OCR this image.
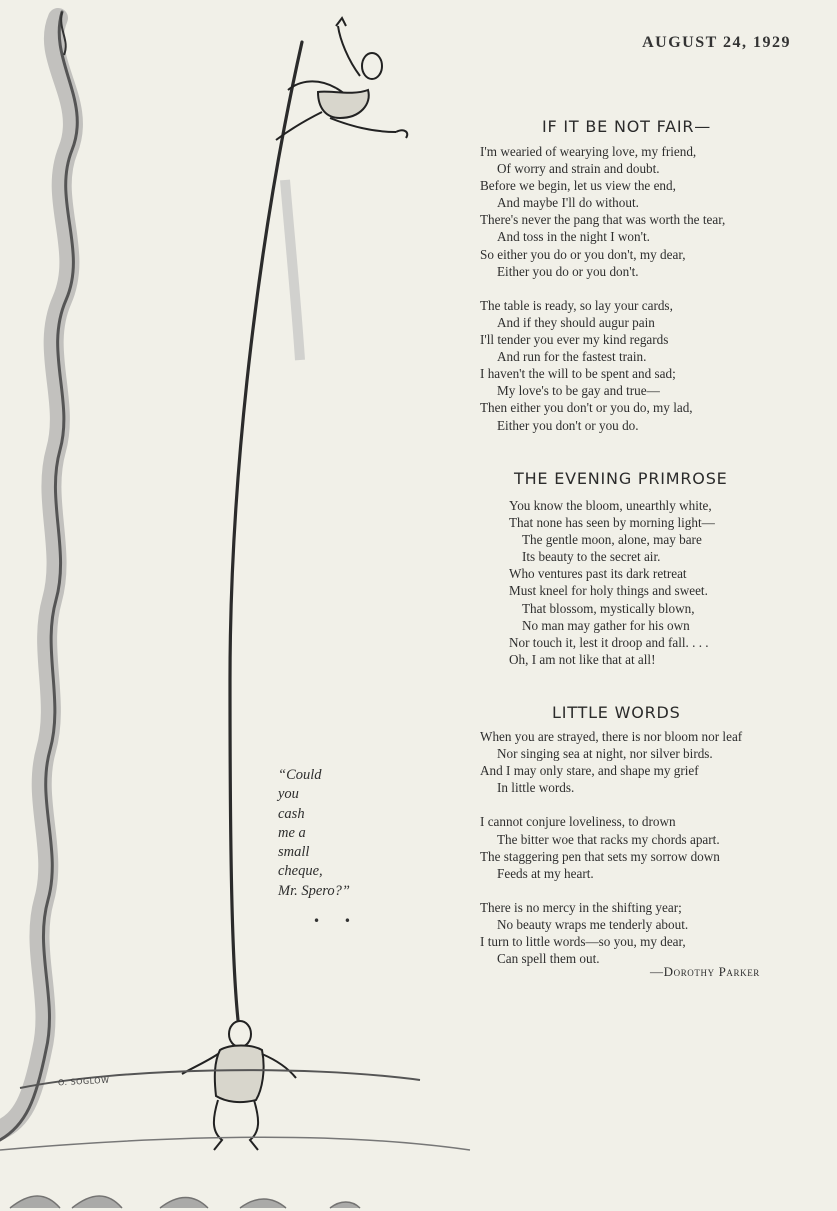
AUGUST 24, 1929
IF IT BE NOT FAIR—
I'm wearied of wearying love, my friend,
Of worry and strain and doubt.
Before we begin, let us view the end,
And maybe I'll do without.
There's never the pang that was worth the tear,
And toss in the night I won't.
So either you do or you don't, my dear,
Either you do or you don't.
The table is ready, so lay your cards,
And if they should augur pain
I'll tender you ever my kind regards
And run for the fastest train.
I haven't the will to be spent and sad;
My love's to be gay and true—
Then either you don't or you do, my lad,
Either you don't or you do.
THE EVENING PRIMROSE
You know the bloom, unearthly white,
That none has seen by morning light—
The gentle moon, alone, may bare
Its beauty to the secret air.
Who ventures past its dark retreat
Must kneel for holy things and sweet.
That blossom, mystically blown,
No man may gather for his own
Nor touch it, lest it droop and fall. . . .
Oh, I am not like that at all!
LITTLE WORDS
When you are strayed, there is nor bloom nor leaf
Nor singing sea at night, nor silver birds.
And I may only stare, and shape my grief
In little words.
I cannot conjure loveliness, to drown
The bitter woe that racks my chords apart.
The staggering pen that sets my sorrow down
Feeds at my heart.
There is no mercy in the shifting year;
No beauty wraps me tenderly about.
I turn to little words—so you, my dear,
Can spell them out.
—Dorothy Parker
“Could
you
cash
me a
small
cheque,
Mr. Spero?”
• •
O. SOGLOW
